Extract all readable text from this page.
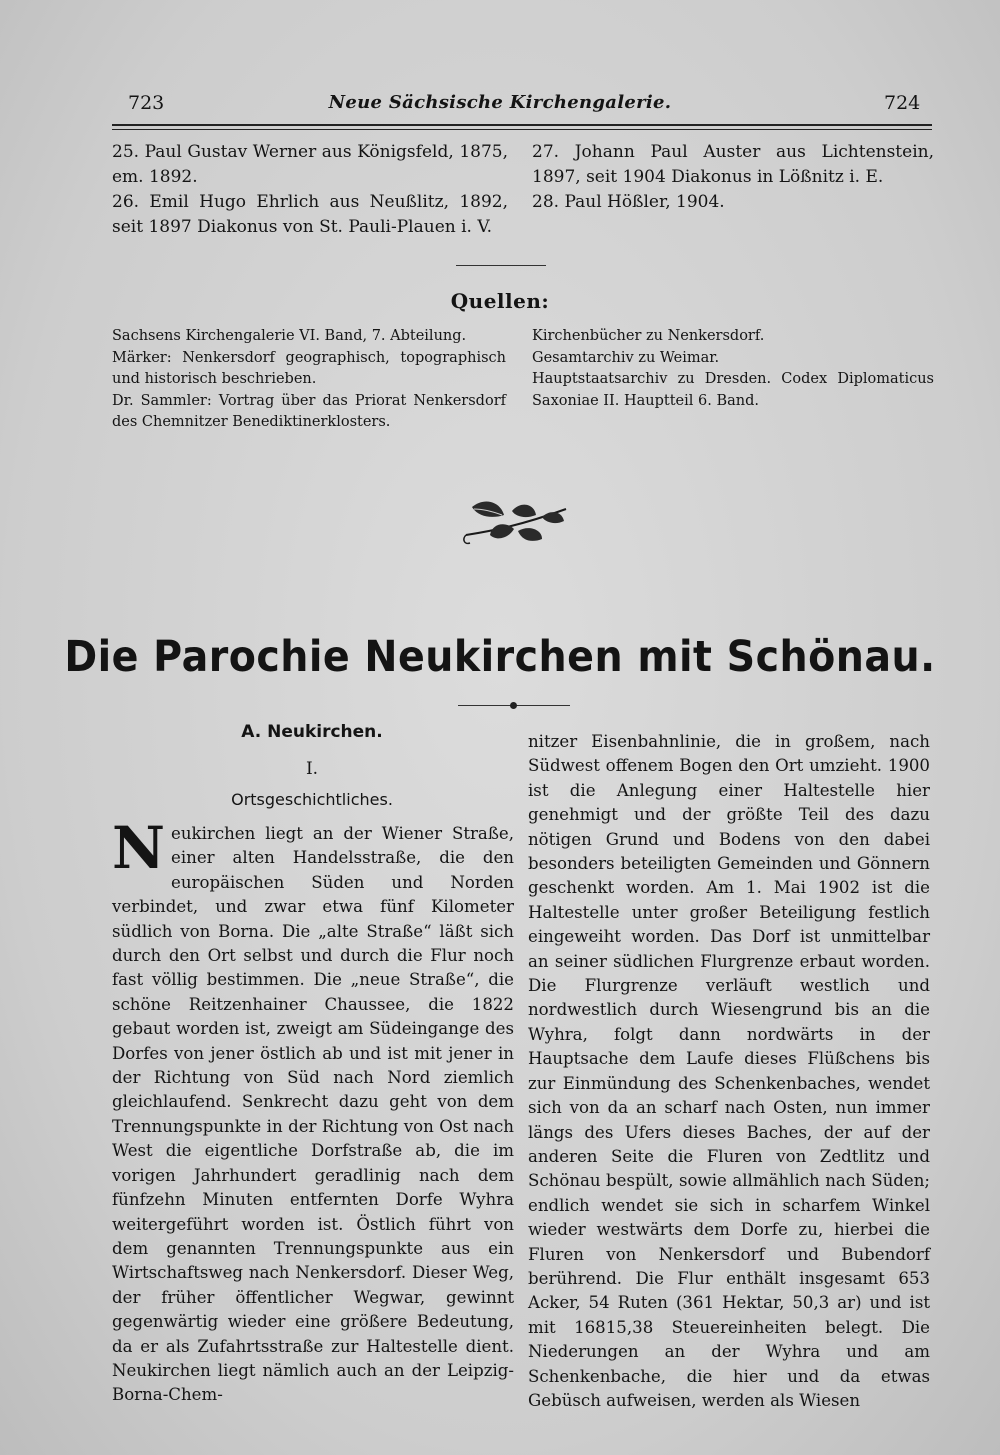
723	Neue Sächsische Kirchengalerie.	724

25. Paul Gustav Werner aus Königsfeld, 1875, em. 1892.

26. Emil Hugo Ehrlich aus Neußlitz, 1892, seit 1897 Diakonus von St. Pauli-Plauen i. V.

27. Johann Paul Auster aus Lichtenstein, 1897, seit 1904 Diakonus in Lößnitz i. E.

28. Paul Hößler, 1904.

Quellen:

Sachsens Kirchengalerie VI. Band, 7. Abteilung.

Märker: Nenkersdorf geographisch, topographisch und historisch beschrieben.

Dr. Sammler: Vortrag über das Priorat Nenkersdorf des Chemnitzer Benediktinerklosters.

Kirchenbücher zu Nenkersdorf.

Gesamtarchiv zu Weimar.

Hauptstaatsarchiv zu Dresden. Codex Diplomaticus Saxoniae II. Hauptteil 6. Band.

Die Parochie Neukirchen mit Schönau.
A. Neukirchen.
I.
Ortsgeschichtliches.

Neukirchen liegt an der Wiener Straße, einer alten Handelsstraße, die den europäischen Süden und Norden verbindet, und zwar etwa fünf Kilometer südlich von Borna. Die „alte Straße“ läßt sich durch den Ort selbst und durch die Flur noch fast völlig bestimmen. Die „neue Straße“, die schöne Reitzenhainer Chaussee, die 1822 gebaut worden ist, zweigt am Südeingange des Dorfes von jener östlich ab und ist mit jener in der Richtung von Süd nach Nord ziemlich gleichlaufend. Senkrecht dazu geht von dem Trennungspunkte in der Richtung von Ost nach West die eigentliche Dorfstraße ab, die im vorigen Jahrhundert geradlinig nach dem fünfzehn Minuten entfernten Dorfe Wyhra weitergeführt worden ist. Östlich führt von dem genannten Trennungspunkte aus ein Wirtschaftsweg nach Nenkersdorf. Dieser Weg, der früher öffentlicher Wegwar, gewinnt gegenwärtig wieder eine größere Bedeutung, da er als Zufahrtsstraße zur Haltestelle dient. Neukirchen liegt nämlich auch an der Leipzig-Borna-Chem-

nitzer Eisenbahnlinie, die in großem, nach Südwest offenem Bogen den Ort umzieht. 1900 ist die Anlegung einer Haltestelle hier genehmigt und der größte Teil des dazu nötigen Grund und Bodens von den dabei besonders beteiligten Gemeinden und Gönnern geschenkt worden. Am 1. Mai 1902 ist die Haltestelle unter großer Beteiligung festlich eingeweiht worden. Das Dorf ist unmittelbar an seiner südlichen Flurgrenze erbaut worden. Die Flurgrenze verläuft westlich und nordwestlich durch Wiesengrund bis an die Wyhra, folgt dann nordwärts in der Hauptsache dem Laufe dieses Flüßchens bis zur Einmündung des Schenkenbaches, wendet sich von da an scharf nach Osten, nun immer längs des Ufers dieses Baches, der auf der anderen Seite die Fluren von Zedtlitz und Schönau bespült, sowie allmählich nach Süden; endlich wendet sie sich in scharfem Winkel wieder westwärts dem Dorfe zu, hierbei die Fluren von Nenkersdorf und Bubendorf berührend. Die Flur enthält insgesamt 653 Acker, 54 Ruten (361 Hektar, 50,3 ar) und ist mit 16815,38 Steuereinheiten belegt. Die Niederungen an der Wyhra und am Schenkenbache, die hier und da etwas Gebüsch aufweisen, werden als Wiesen
